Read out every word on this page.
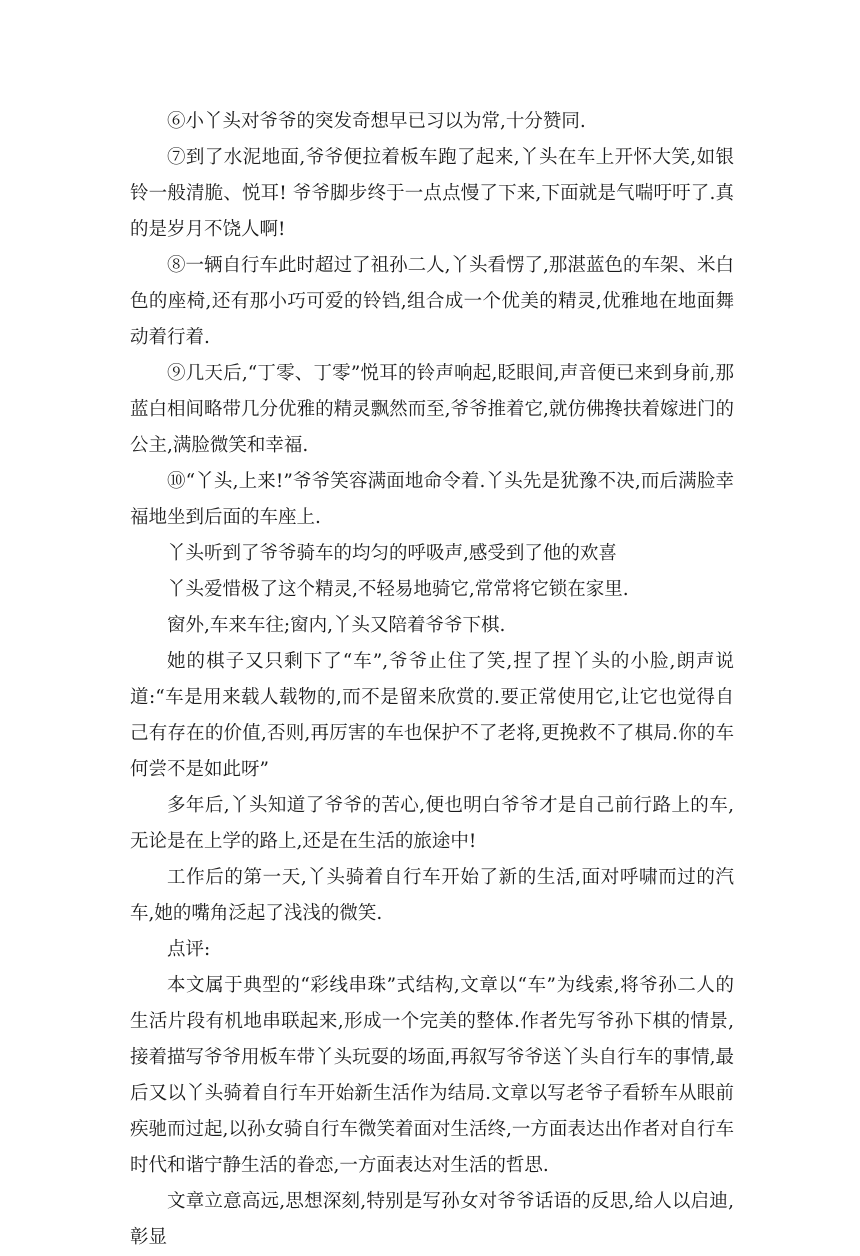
⑥小丫头对爷爷的突发奇想早已习以为常,十分赞同.

⑦到了水泥地面,爷爷便拉着板车跑了起来,丫头在车上开怀大笑,如银铃一般清脆、悦耳! 爷爷脚步终于一点点慢了下来,下面就是气喘吁吁了.真的是岁月不饶人啊!

⑧一辆自行车此时超过了祖孙二人,丫头看愣了,那湛蓝色的车架、米白色的座椅,还有那小巧可爱的铃铛,组合成一个优美的精灵,优雅地在地面舞动着行着.

⑨几天后,“丁零、丁零”悦耳的铃声响起,眨眼间,声音便已来到身前,那蓝白相间略带几分优雅的精灵飘然而至,爷爷推着它,就仿佛搀扶着嫁进门的公主,满脸微笑和幸福.

⑩“丫头,上来!”爷爷笑容满面地命令着.丫头先是犹豫不决,而后满脸幸福地坐到后面的车座上.

丫头听到了爷爷骑车的均匀的呼吸声,感受到了他的欢喜

丫头爱惜极了这个精灵,不轻易地骑它,常常将它锁在家里.

窗外,车来车往;窗内,丫头又陪着爷爷下棋.

她的棋子又只剩下了“车”,爷爷止住了笑,捏了捏丫头的小脸,朗声说道:“车是用来载人载物的,而不是留来欣赏的.要正常使用它,让它也觉得自己有存在的价值,否则,再厉害的车也保护不了老将,更挽救不了棋局.你的车何尝不是如此呀”

多年后,丫头知道了爷爷的苦心,便也明白爷爷才是自己前行路上的车,无论是在上学的路上,还是在生活的旅途中!

工作后的第一天,丫头骑着自行车开始了新的生活,面对呼啸而过的汽车,她的嘴角泛起了浅浅的微笑.

点评:

本文属于典型的“彩线串珠”式结构,文章以“车”为线索,将爷孙二人的生活片段有机地串联起来,形成一个完美的整体.作者先写爷孙下棋的情景,接着描写爷爷用板车带丫头玩耍的场面,再叙写爷爷送丫头自行车的事情,最后又以丫头骑着自行车开始新生活作为结局.文章以写老爷子看轿车从眼前疾驰而过起,以孙女骑自行车微笑着面对生活终,一方面表达出作者对自行车时代和谐宁静生活的眷恋,一方面表达对生活的哲思.

文章立意高远,思想深刻,特别是写孙女对爷爷话语的反思,给人以启迪,彰显
